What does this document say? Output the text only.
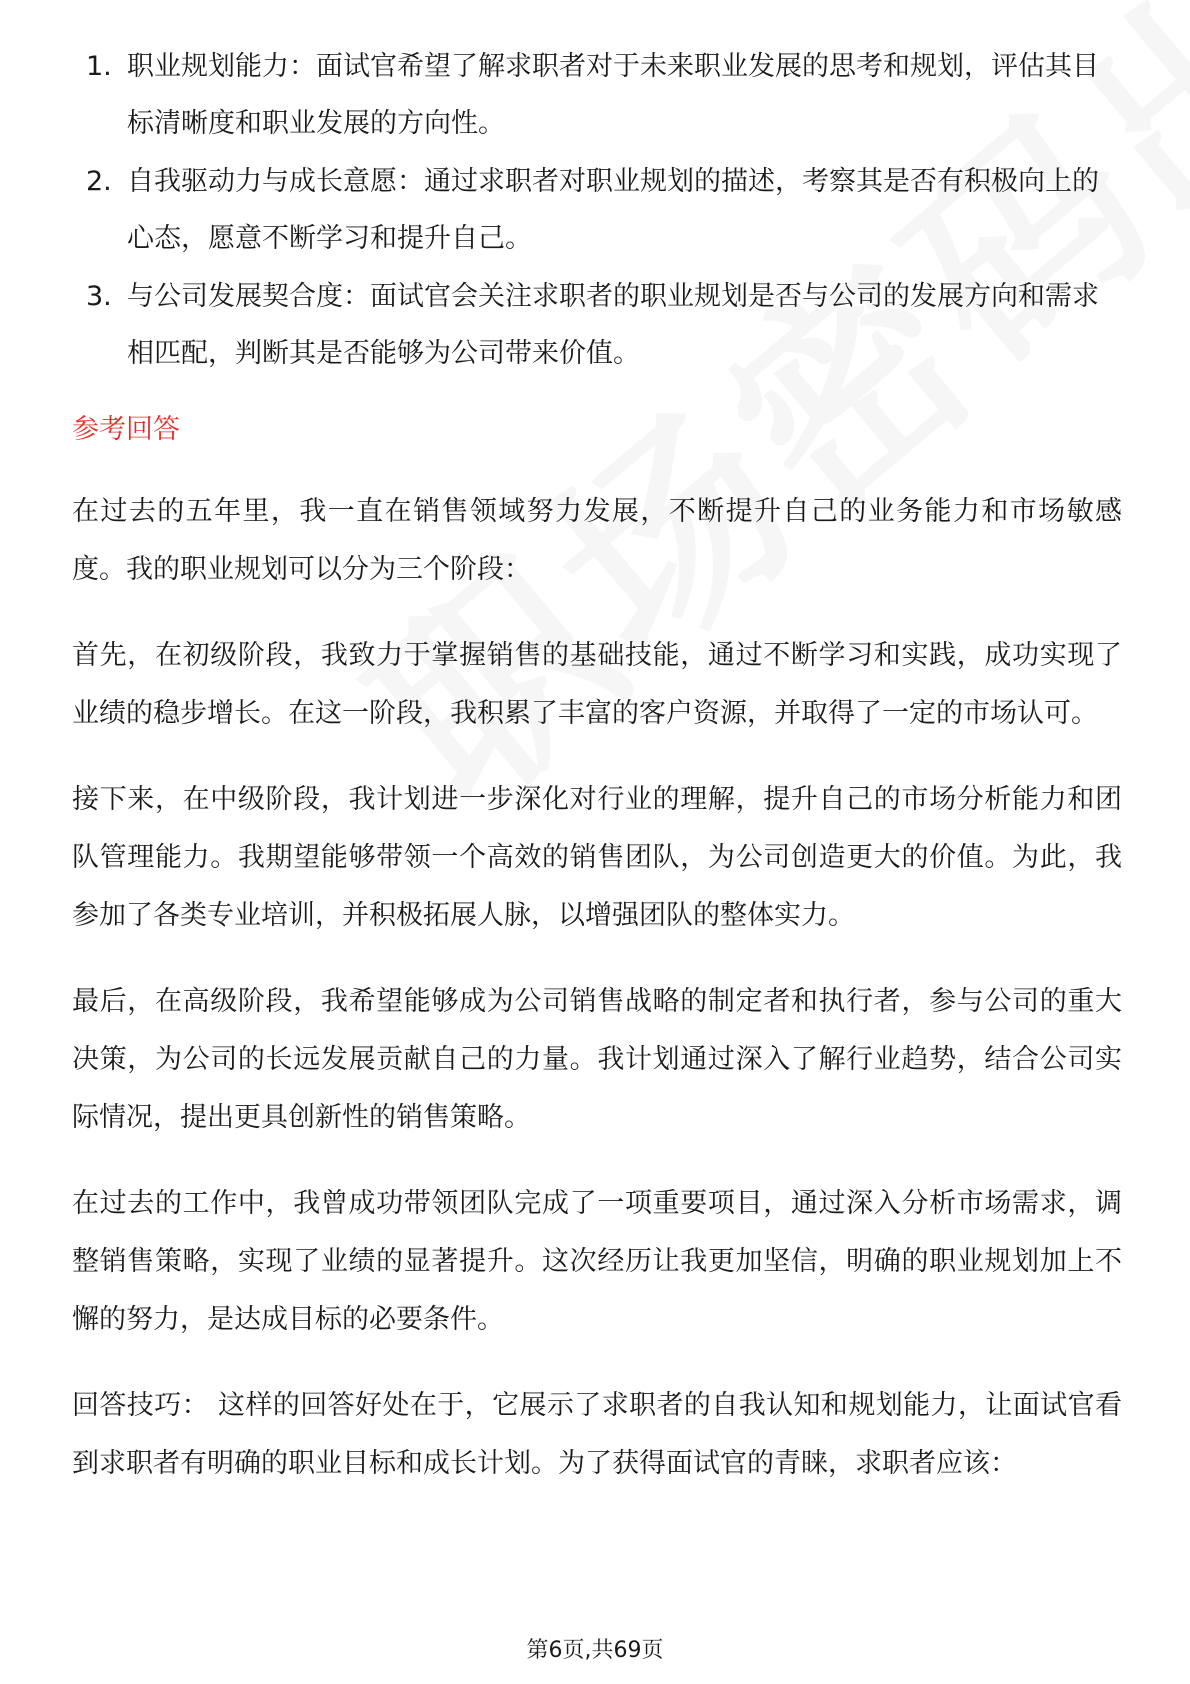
1. 职业规划能力：面试官希望了解求职者对于未来职业发展的思考和规划，评估其目标清晰度和职业发展的方向性。
2. 自我驱动力与成长意愿：通过求职者对职业规划的描述，考察其是否有积极向上的心态，愿意不断学习和提升自己。
3. 与公司发展契合度：面试官会关注求职者的职业规划是否与公司的发展方向和需求相匹配，判断其是否能够为公司带来价值。
参考回答

在过去的五年里，我一直在销售领域努力发展，不断提升自己的业务能力和市场敏感度。我的职业规划可以分为三个阶段：

首先，在初级阶段，我致力于掌握销售的基础技能，通过不断学习和实践，成功实现了业绩的稳步增长。在这一阶段，我积累了丰富的客户资源，并取得了一定的市场认可。

接下来，在中级阶段，我计划进一步深化对行业的理解，提升自己的市场分析能力和团队管理能力。我期望能够带领一个高效的销售团队，为公司创造更大的价值。为此，我参加了各类专业培训，并积极拓展人脉，以增强团队的整体实力。

最后，在高级阶段，我希望能够成为公司销售战略的制定者和执行者，参与公司的重大决策，为公司的长远发展贡献自己的力量。我计划通过深入了解行业趋势，结合公司实际情况，提出更具创新性的销售策略。

在过去的工作中，我曾成功带领团队完成了一项重要项目，通过深入分析市场需求，调整销售策略，实现了业绩的显著提升。这次经历让我更加坚信，明确的职业规划加上不懈的努力，是达成目标的必要条件。

回答技巧： 这样的回答好处在于，它展示了求职者的自我认知和规划能力，让面试官看到求职者有明确的职业目标和成长计划。为了获得面试官的青睐，求职者应该：

第6页,共69页
